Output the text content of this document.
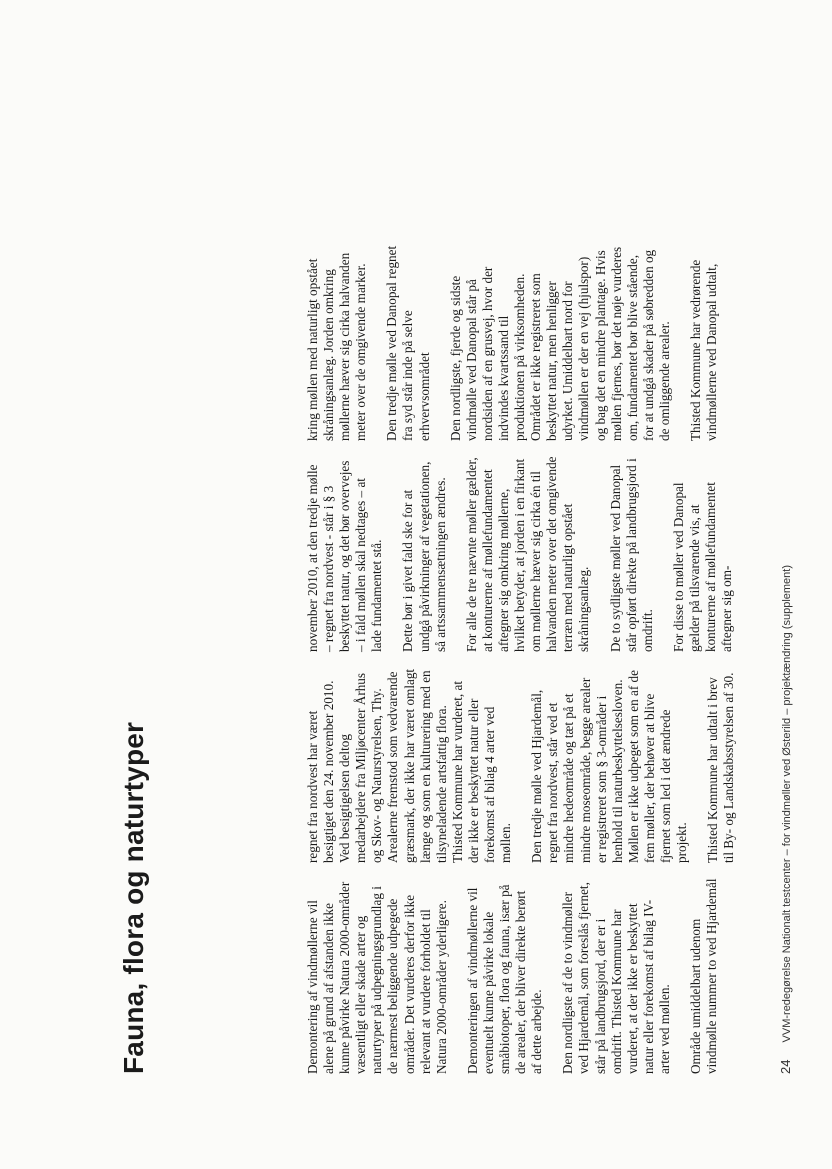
Fauna, flora og naturtyper	Demontering af vindmøllerne vil alene på grund af afstanden ikke kunne påvirke Natura 2000-områder væsentligt eller skade arter og naturtyper på udpegningsgrundlag i de nærmest beliggende udpegede områder. Det vurderes derfor ikke relevant at vurdere forholdet til Natura 2000-områder yderligere. Demonteringen af vindmøllerne vil eventuelt kunne påvirke lokale småbiotoper, flora og fauna, især på de arealer, der bliver direkte berørt af dette arbejde. Den nordligste af de to vindmøller ved Hjardemål, som foreslås fjernet, står på landbrugsjord, der er i omdrift. Thisted Kommune har vurderet, at der ikke er beskyttet natur eller forekomst af bilag IV-arter ved møllen. Område umiddelbart udenom vindmølle nummer to ved Hjardemål

regnet fra nordvest har været besigtiget den 24. november 2010. Ved besigtigelsen deltog medarbejdere fra Miljøcenter Århus og Skov- og Naturstyrelsen, Thy. Arealerne fremstod som vedvarende græsmark, der ikke har været omlagt længe og som en kulturering med en tilsyneladende artsfattig flora. Thisted Kommune har vurderet, at der ikke er beskyttet natur eller forekomst af bilag 4 arter ved møllen. Den tredje mølle ved Hjardemål, regnet fra nordvest, står ved et mindre hedeområde og tæt på et mindre moseområde, begge arealer er registreret som § 3-områder i henhold til naturbeskyttelsesloven. Møllen er ikke udpeget som en af de fem møller, der behøver at blive fjernet som led i det ændrede projekt. Thisted Kommune har udtalt i brev til By- og Landskabsstyrelsen af 30.

november 2010, at den tredje mølle – regnet fra nordvest - står i § 3 beskyttet natur, og det bør overvejes – i fald møllen skal nedtages – at lade fundamentet stå. Dette bør i givet fald ske for at undgå påvirkninger af vegetationen, så artssammensætningen ændres. For alle de tre nævnte møller gælder, at konturerne af møllefundamentet aftegner sig omkring møllerne, hvilket betyder, at jorden i en firkant om møllerne hæver sig cirka én til halvanden meter over det omgivende terræn med naturligt opstået skråningsanlæg. De to sydligste møller ved Danopal står opført direkte på landbrugsjord i omdrift. For disse to møller ved Danopal gælder på tilsvarende vis, at konturerne af møllefundamentet aftegner sig om-

kring møllen med naturligt opstået skråningsanlæg. Jorden omkring møllerne hæver sig cirka halvanden meter over de omgivende marker. Den tredje mølle ved Danopal regnet fra syd står inde på selve erhvervsområdet Den nordligste, fjerde og sidste vindmølle ved Danopal står på nordsiden af en grusvej, hvor der indvindes kvartssand til produktionen på virksomheden. Området er ikke registreret som beskyttet natur, men henligger udyrket. Umiddelbart nord for vindmøllen er der en vej (hjulspor) og bag det en mindre plantage. Hvis møllen fjernes, bør det nøje vurderes om, fundamentet bør blive stående, for at undgå skader på søbredden og de omliggende arealer. Thisted Kommune har vedrørende vindmøllerne ved Danopal udtalt,

24 VVM-redegørelse Nationalt testcenter – for vindmøller ved Østerild – projektændring (supplement)
